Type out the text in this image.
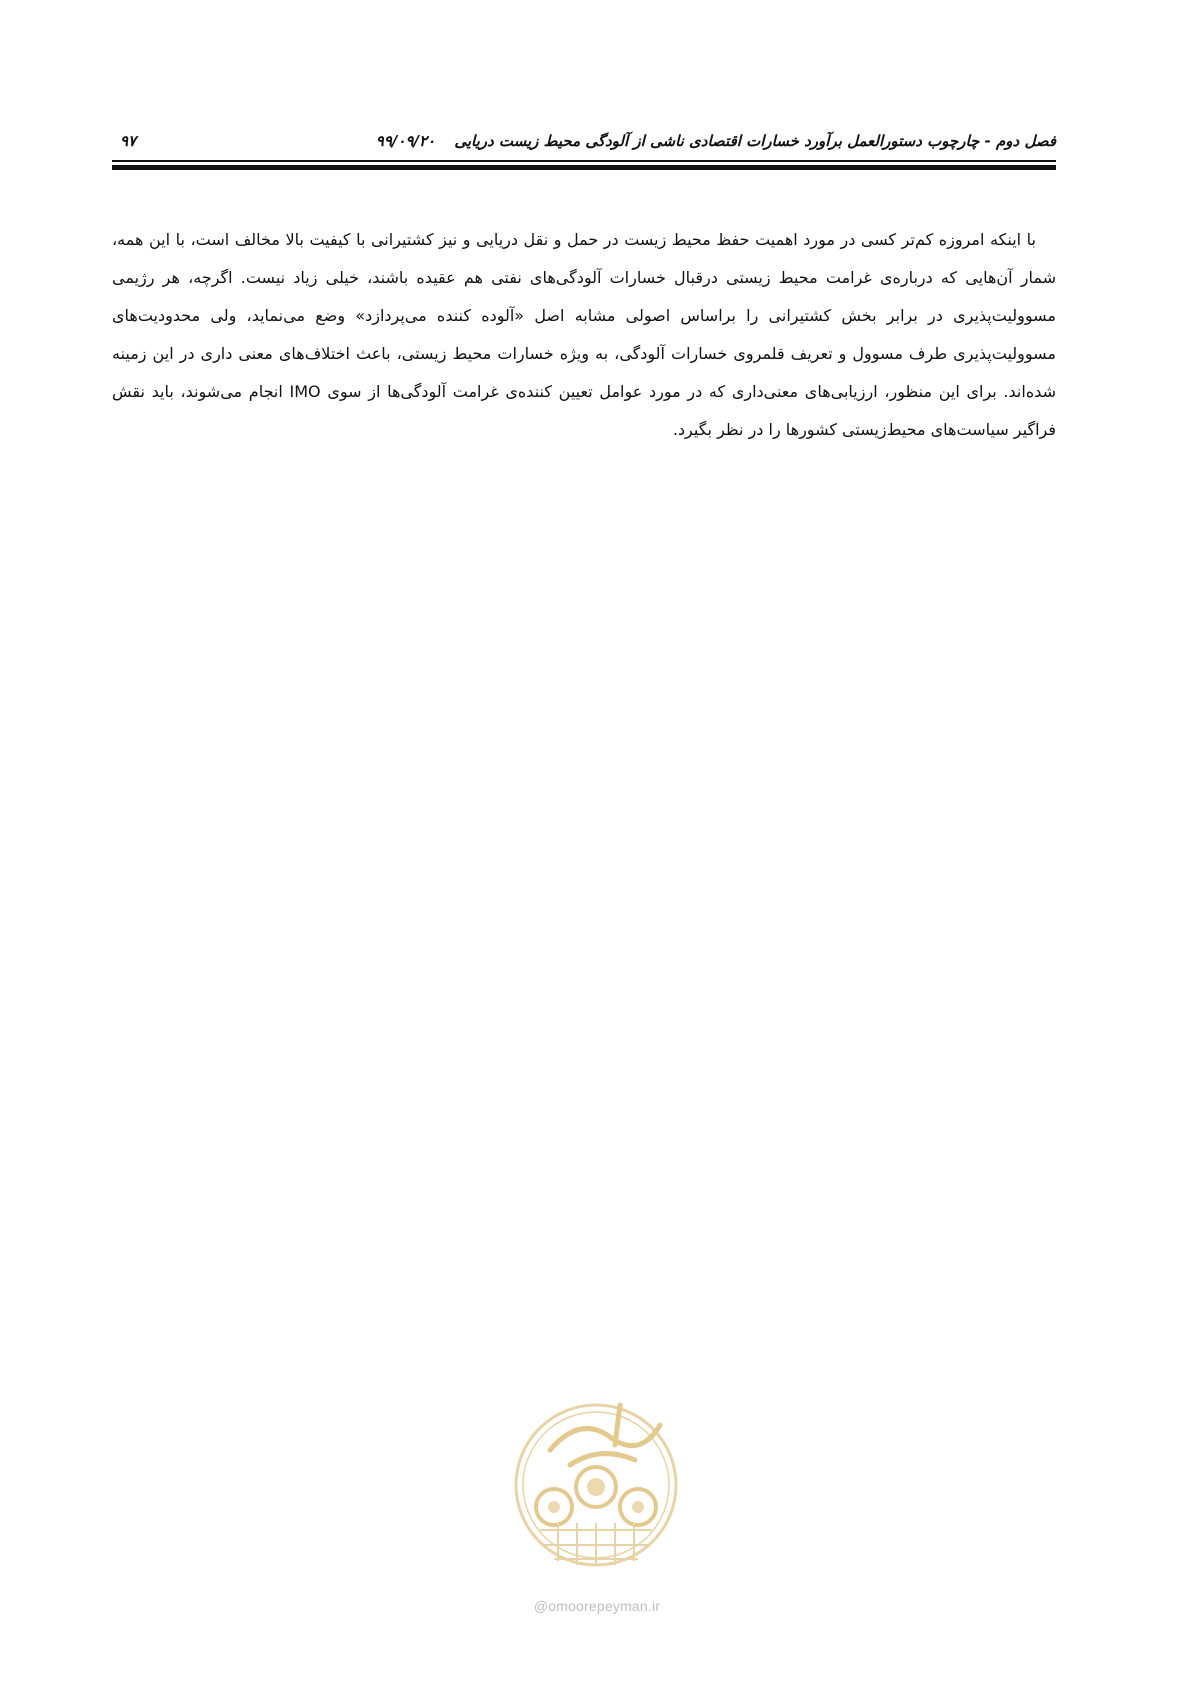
فصل دوم - چارچوب دستورالعمل برآورد خسارات اقتصادی ناشی از آلودگی محیط زیست دریایی ۹۹/۰۹/۲۰
۹۷

با اینکه امروزه کم‌تر کسی در مورد اهمیت حفظ محیط زیست در حمل و نقل دریایی و نیز کشتیرانی با کیفیت بالا مخالف است، با این همه، شمار آن‌هایی که درباره‌ی غرامت محیط زیستی درقبال خسارات آلودگی‌های نفتی هم عقیده باشند، خیلی زیاد نیست. اگرچه، هر رژیمی مسوولیت‌پذیری در برابر بخش کشتیرانی را براساس اصولی مشابه اصل «آلوده کننده می‌پردازد» وضع می‌نماید، ولی محدودیت‌های مسوولیت‌پذیری طرف مسوول و تعریف قلمروی خسارات آلودگی، به ویژه خسارات محیط زیستی، باعث اختلاف‌های معنی داری در این زمینه شده‌اند. برای این منظور، ارزیابی‌های معنی‌داری که در مورد عوامل تعیین کننده‌ی غرامت آلودگی‌ها از سوی IMO انجام می‌شوند، باید نقش فراگیر سیاست‌های محیط‌زیستی کشورها را در نظر بگیرد.

@omoorepeyman.ir
